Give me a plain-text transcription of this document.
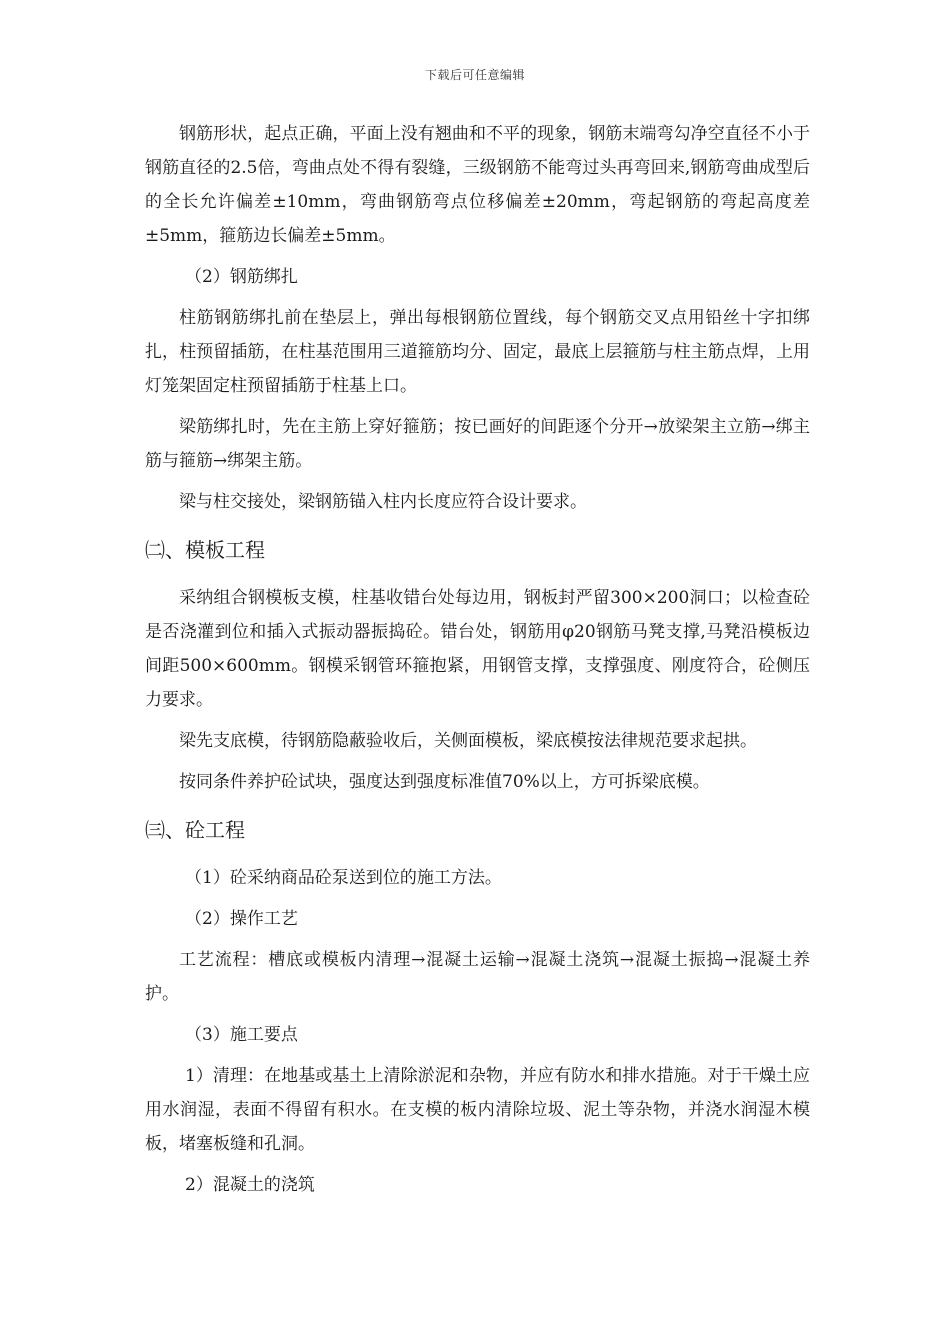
下载后可任意编辑

钢筋形状，起点正确，平面上没有翘曲和不平的现象，钢筋末端弯勾净空直径不小于钢筋直径的2.5倍，弯曲点处不得有裂缝，三级钢筋不能弯过头再弯回来,钢筋弯曲成型后的全长允许偏差±10mm，弯曲钢筋弯点位移偏差±20mm，弯起钢筋的弯起高度差±5mm，箍筋边长偏差±5mm。

（2）钢筋绑扎

柱筋钢筋绑扎前在垫层上，弹出每根钢筋位置线，每个钢筋交叉点用铅丝十字扣绑扎，柱预留插筋，在柱基范围用三道箍筋均分、固定，最底上层箍筋与柱主筋点焊，上用灯笼架固定柱预留插筋于柱基上口。

梁筋绑扎时，先在主筋上穿好箍筋；按已画好的间距逐个分开→放梁架主立筋→绑主筋与箍筋→绑架主筋。

梁与柱交接处，梁钢筋锚入柱内长度应符合设计要求。

㈡、模板工程

采纳组合钢模板支模，柱基收错台处每边用，钢板封严留300×200洞口；以检查砼是否浇灌到位和插入式振动器振捣砼。错台处，钢筋用φ20钢筋马凳支撑,马凳沿模板边间距500×600mm。钢模采钢管环箍抱紧，用钢管支撑，支撑强度、刚度符合，砼侧压力要求。

梁先支底模，待钢筋隐蔽验收后，关侧面模板，梁底模按法律规范要求起拱。

按同条件养护砼试块，强度达到强度标准值70%以上，方可拆梁底模。

㈢、砼工程

（1）砼采纳商品砼泵送到位的施工方法。

（2）操作工艺

工艺流程：槽底或模板内清理→混凝土运输→混凝土浇筑→混凝土振捣→混凝土养护。

（3）施工要点

1）清理：在地基或基土上清除淤泥和杂物，并应有防水和排水措施。对于干燥土应用水润湿，表面不得留有积水。在支模的板内清除垃圾、泥土等杂物，并浇水润湿木模板，堵塞板缝和孔洞。

2）混凝土的浇筑
